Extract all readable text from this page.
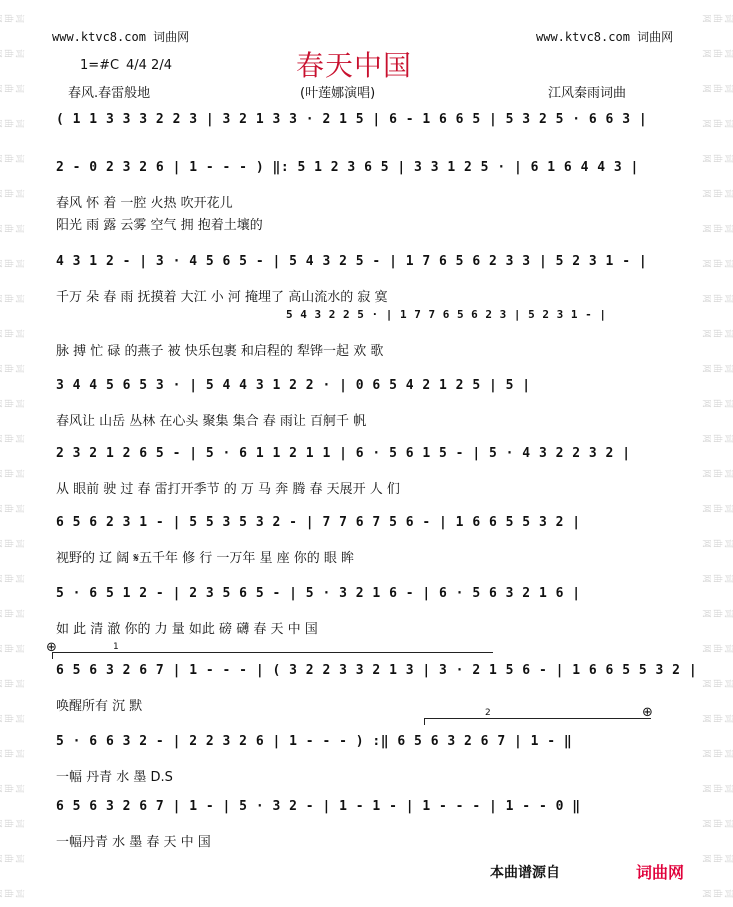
词曲
词曲
词曲
词曲
词曲
词曲
词曲
词曲
词曲
词曲
词曲
词曲
词曲
词曲
词曲
词曲
词曲
词曲
词曲
词曲
词曲
词曲
词曲
词曲
词曲
词曲
词曲网
词曲网
词曲网
词曲网
词曲网
词曲网
词曲网
词曲网
词曲网
词曲网
词曲网
词曲网
词曲网
词曲网
词曲网
词曲网
词曲网
词曲网
词曲网
词曲网
词曲网
词曲网
词曲网
词曲网
词曲网
词曲网
www.ktvc8.com 词曲网	www.ktvc8.com 词曲网
春天中国
1=#C 4/4 2/4
春风.春雷般地	(叶莲娜演唱)	江风秦雨词曲
( 1 1 3 3 3 2 2 3 | 3 2 1 3 3 · 2 1 5 | 6 - 1 6 6 5 | 5 3 2 5 · 6 6 3 |
2 - 0 2 3 2 6 | 1 - - - ) ‖: 5 1 2 3 6 5 | 3 3 1 2 5 · | 6 1 6 4 4 3 |
春风 怀 着 一腔 火热 吹开花儿
阳光 雨 露 云雾 空气 拥 抱着土壤的
4 3 1 2 - | 3 · 4 5 6 5 - | 5 4 3 2 5 - | 1 7 6 5 6 2 3 3 | 5 2 3 1 - |
千万 朵 春 雨 抚摸着 大江 小 河 掩埋了 高山流水的 寂 寞
5 4 3 2 2 5 · | 1 7 7 6 5 6 2 3 | 5 2 3 1 - |
脉 搏 忙 碌 的燕子 被 快乐包裹 和启程的 犁铧一起 欢 歌
3 4 4 5 6 5 3 · | 5 4 4 3 1 2 2 · | 0 6 5 4 2 1 2 5 | 5 |
春风让 山岳 丛林 在心头 聚集 集合 春 雨让 百舸千 帆
2 3 2 1 2 6 5 - | 5 · 6 1 1 2 1 1 | 6 · 5 6 1 5 - | 5 · 4 3 2 2 3 2 |
从 眼前 驶 过 春 雷打开季节 的 万 马 奔 腾 春 天展开 人 们
6 5 6 2 3 1 - | 5 5 3 5 3 2 - | 7 7 6 7 5 6 - | 1 6 6 5 5 3 2 |
视野的 辽 阔 𝄋五千年 修 行 一万年 星 座 你的 眼 眸
5 · 6 5 1 2 - | 2 3 5 6 5 - | 5 · 3 2 1 6 - | 6 · 5 6 3 2 1 6 |
如 此 清 澈 你的 力 量 如此 磅 礴 春 天 中 国
6 5 6 3 2 6 7 | 1 - - - | ( 3 2 2 3 3 2 1 3 | 3 · 2 1 5 6 - | 1 6 6 5 5 3 2 |
唤醒所有 沉 默
5 · 6 6 3 2 - | 2 2 3 2 6 | 1 - - - ) :‖ 6 5 6 3 2 6 7 | 1 - ‖
一幅 丹青 水 墨 D.S
6 5 6 3 2 6 7 | 1 - | 5 · 3 2 - | 1 - 1 - | 1 - - - | 1 - - 0 ‖
一幅丹青 水 墨 春 天 中 国
⊕	1
2	⊕
本曲谱源自	词曲网
